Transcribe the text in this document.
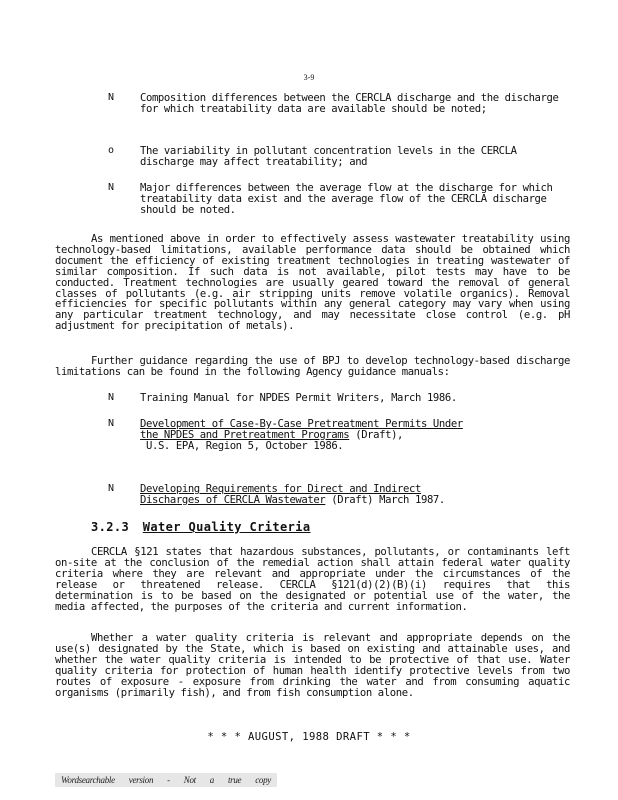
3-9
N	Composition differences between the CERCLA discharge and the discharge for which treatability data are available should be noted;
o	The variability in pollutant concentration levels in the CERCLA discharge may affect treatability; and
N	Major differences between the average flow at the discharge for which treatability data exist and the average flow of the CERCLA discharge should be noted.
As mentioned above in order to effectively assess wastewater treatability using technology-based limitations, available performance data should be obtained which document the efficiency of existing treatment technologies in treating wastewater of similar composition. If such data is not available, pilot tests may have to be conducted. Treatment technologies are usually geared toward the removal of general classes of pollutants (e.g. air stripping units remove volatile organics). Removal efficiencies for specific pollutants within any general category may vary when using any particular treatment technology, and may necessitate close control (e.g. pH adjustment for precipitation of metals).
Further guidance regarding the use of BPJ to develop technology-based discharge limitations can be found in the following Agency guidance manuals:
N	Training Manual for NPDES Permit Writers, March 1986.
N	Development of Case-By-Case Pretreatment Permits Under
the NPDES and Pretreatment Programs (Draft),
U.S. EPA, Region 5, October 1986.
N	Developing Requirements for Direct and Indirect
Discharges of CERCLA Wastewater (Draft) March 1987.
3.2.3 Water Quality Criteria
CERCLA §121 states that hazardous substances, pollutants, or contaminants left on-site at the conclusion of the remedial action shall attain federal water quality criteria where they are relevant and appropriate under the circumstances of the release or threatened release. CERCLA §121(d)(2)(B)(i) requires that this determination is to be based on the designated or potential use of the water, the media affected, the purposes of the criteria and current information.
Whether a water quality criteria is relevant and appropriate depends on the use(s) designated by the State, which is based on existing and attainable uses, and whether the water quality criteria is intended to be protective of that use. Water quality criteria for protection of human health identify protective levels from two routes of exposure - exposure from drinking the water and from consuming aquatic organisms (primarily fish), and from fish consumption alone.
* * * AUGUST, 1988 DRAFT * * *
Wordsearchable version - Not a true copy
